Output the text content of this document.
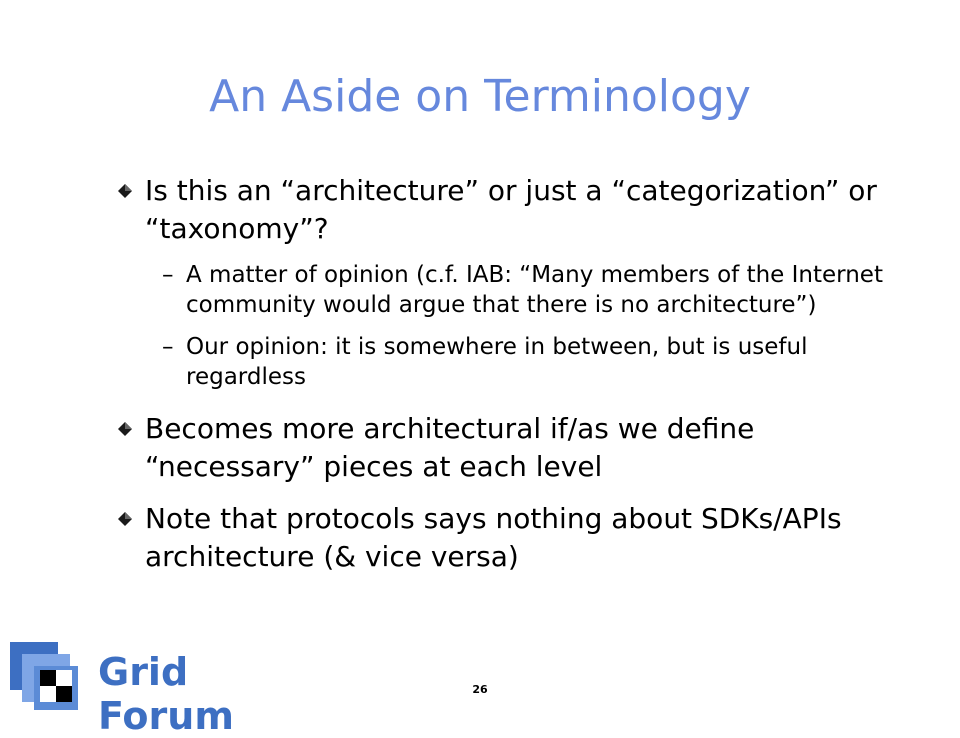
An Aside on Terminology
Is this an “architecture” or just a “categorization” or “taxonomy”?
– A matter of opinion (c.f. IAB: “Many members of the Internet community would argue that there is no architecture”)
– Our opinion: it is somewhere in between, but is useful regardless
Becomes more architectural if/as we define “necessary” pieces at each level
Note that protocols says nothing about SDKs/APIs architecture (& vice versa)
Grid Forum
26
